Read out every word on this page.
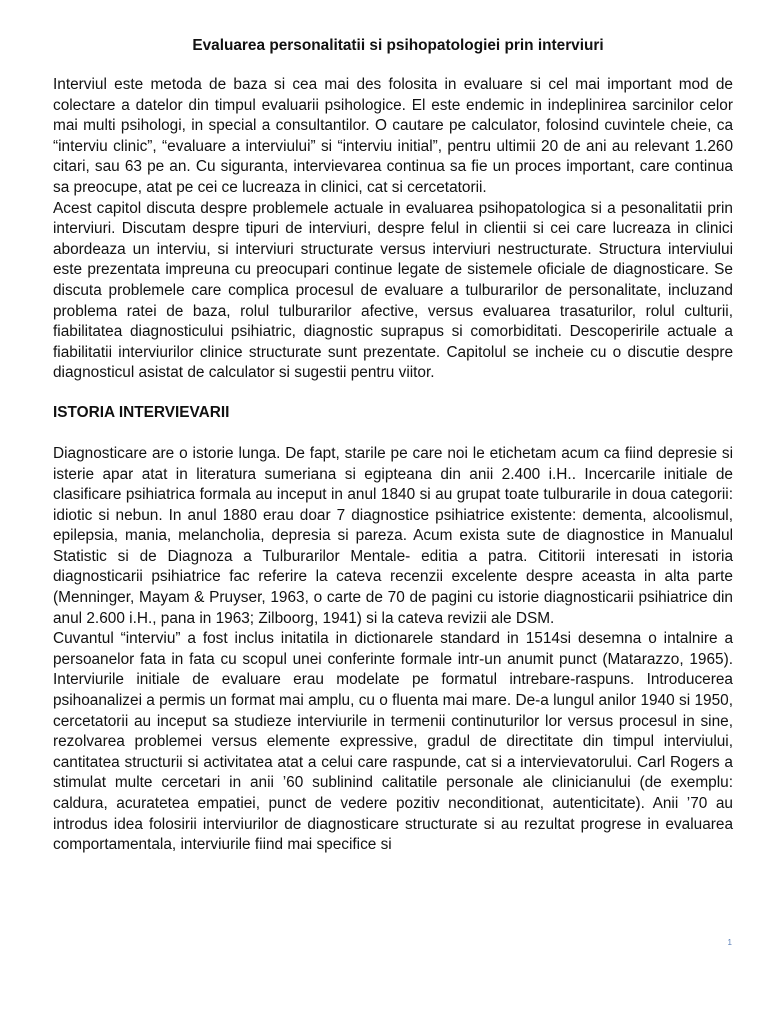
Evaluarea personalitatii si psihopatologiei prin interviuri

Interviul este metoda de baza si cea mai des folosita in evaluare si cel mai important mod de colectare a datelor din timpul evaluarii psihologice. El este endemic in indeplinirea sarcinilor celor mai multi psihologi, in special a consultantilor. O cautare pe calculator, folosind cuvintele cheie, ca “interviu clinic”, “evaluare a interviului” si “interviu initial”, pentru ultimii 20 de ani au relevant 1.260 citari, sau 63 pe an. Cu siguranta, intervievarea continua sa fie un proces important, care continua sa preocupe, atat pe cei ce lucreaza in clinici, cat si cercetatorii.

Acest capitol discuta despre problemele actuale in evaluarea psihopatologica si a pesonalitatii prin interviuri. Discutam despre tipuri de interviuri, despre felul in clientii si cei care lucreaza in clinici abordeaza un interviu, si interviuri structurate versus interviuri nestructurate. Structura interviului este prezentata impreuna cu preocupari continue legate de sistemele oficiale de diagnosticare. Se discuta problemele care complica procesul de evaluare a tulburarilor de personalitate, incluzand problema ratei de baza, rolul tulburarilor afective, versus evaluarea trasaturilor, rolul culturii, fiabilitatea diagnosticului psihiatric, diagnostic suprapus si comorbiditati. Descoperirile actuale a fiabilitatii interviurilor clinice structurate sunt prezentate. Capitolul se incheie cu o discutie despre diagnosticul asistat de calculator si sugestii pentru viitor.

ISTORIA INTERVIEVARII

Diagnosticare are o istorie lunga. De fapt, starile pe care noi le etichetam acum ca fiind depresie si isterie apar atat in literatura sumeriana si egipteana din anii 2.400 i.H.. Incercarile initiale de clasificare psihiatrica formala au inceput in anul 1840 si au grupat toate tulburarile in doua categorii: idiotic si nebun. In anul 1880 erau doar 7 diagnostice psihiatrice existente: dementa, alcoolismul, epilepsia, mania, melancholia, depresia si pareza. Acum exista sute de diagnostice in Manualul Statistic si de Diagnoza a Tulburarilor Mentale- editia a patra. Cititorii interesati in istoria diagnosticarii psihiatrice fac referire la cateva recenzii excelente despre aceasta in alta parte (Menninger, Mayam & Pruyser, 1963, o carte de 70 de pagini cu istorie diagnosticarii psihiatrice din anul 2.600 i.H., pana in 1963; Zilboorg, 1941) si la cateva revizii ale DSM.

Cuvantul “interviu” a fost inclus initatila in dictionarele standard in 1514si desemna o intalnire a persoanelor fata in fata cu scopul unei conferinte formale intr-un anumit punct (Matarazzo, 1965). Interviurile initiale de evaluare erau modelate pe formatul intrebare-raspuns. Introducerea psihoanalizei a permis un format mai amplu, cu o fluenta mai mare. De-a lungul anilor 1940 si 1950, cercetatorii au inceput sa studieze interviurile in termenii continuturilor lor versus procesul in sine, rezolvarea problemei versus elemente expressive, gradul de directitate din timpul interviului, cantitatea structurii si activitatea atat a celui care raspunde, cat si a intervievatorului. Carl Rogers a stimulat multe cercetari in anii ’60 sublinind calitatile personale ale clinicianului (de exemplu: caldura, acuratetea empatiei, punct de vedere pozitiv neconditionat, autenticitate). Anii ’70 au introdus idea folosirii interviurilor de diagnosticare structurate si au rezultat progrese in evaluarea comportamentala, interviurile fiind mai specifice si

1
